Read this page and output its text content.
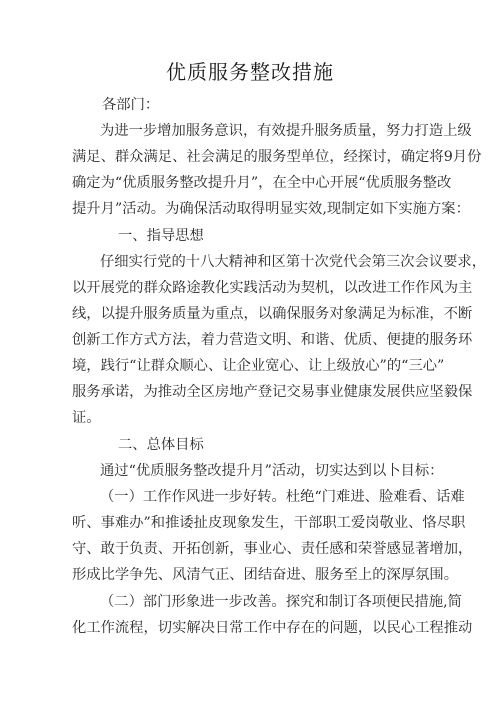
优质服务整改措施
各部门：
为进一步增加服务意识，有效提升服务质量，努力打造上级
满足、群众满足、社会满足的服务型单位，经探讨，确定将9月份
确定为“优质服务整改提升月”，在全中心开展“优质服务整改
提升月”活动。为确保活动取得明显实效,现制定如下实施方案：
一、指导思想
仔细实行党的十八大精神和区第十次党代会第三次会议要求，
以开展党的群众路途教化实践活动为契机，以改进工作作风为主
线，以提升服务质量为重点，以确保服务对象满足为标准，不断
创新工作方式方法，着力营造文明、和谐、优质、便捷的服务环
境，践行“让群众顺心、让企业宽心、让上级放心”的“三心”
服务承诺，为推动全区房地产登记交易事业健康发展供应坚毅保
证。
二、总体目标
通过“优质服务整改提升月”活动，切实达到以卜目标：
（一）工作作风进一步好转。杜绝“门难进、脸难看、话难
听、事难办”和推诿扯皮现象发生，干部职工爱岗敬业、恪尽职
守、敢于负责、开拓创新，事业心、责任感和荣誉感显著增加，
形成比学争先、风清气正、团结奋进、服务至上的深厚氛围。
（二）部门形象进一步改善。探究和制订各项便民措施,简
化工作流程，切实解决日常工作中存在的问题，以民心工程推动
